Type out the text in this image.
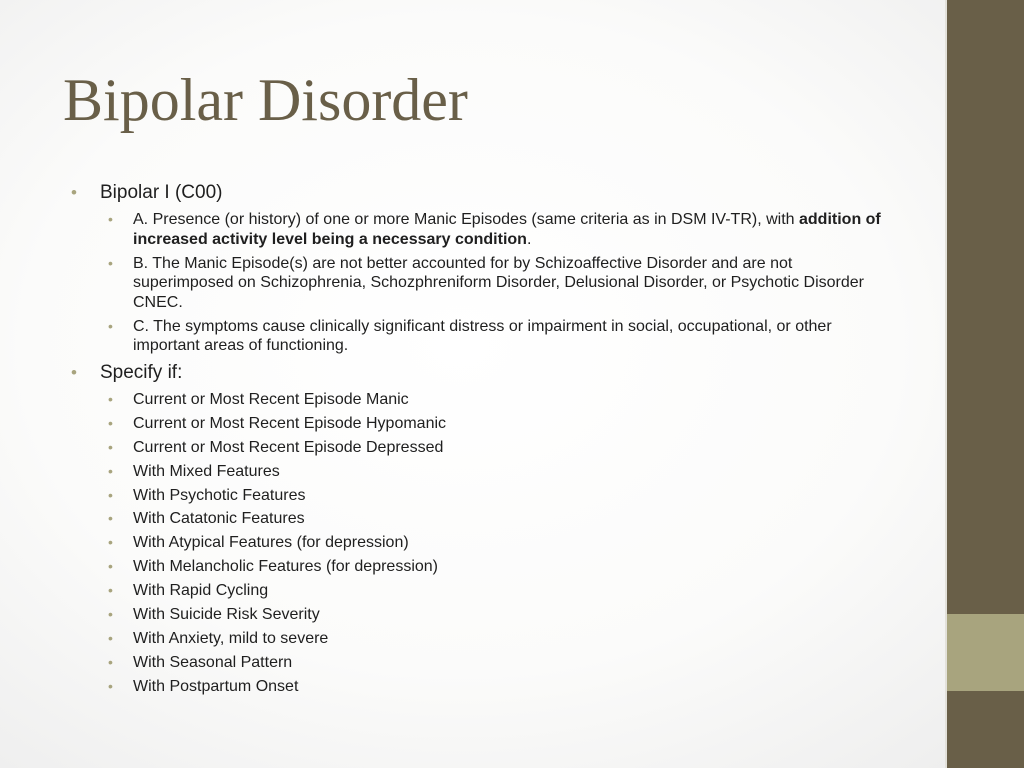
Bipolar Disorder
• Bipolar I (C00)
• A. Presence (or history) of one or more Manic Episodes (same criteria as in DSM IV-TR), with addition of increased activity level being a necessary condition.
• B. The Manic Episode(s) are not better accounted for by Schizoaffective Disorder and are not superimposed on Schizophrenia, Schozphreniform Disorder, Delusional Disorder, or Psychotic Disorder CNEC.
• C. The symptoms cause clinically significant distress or impairment in social, occupational, or other important areas of functioning.
• Specify if:
• Current or Most Recent Episode Manic
• Current or Most Recent Episode Hypomanic
• Current or Most Recent Episode Depressed
• With Mixed Features
• With Psychotic Features
• With Catatonic Features
• With Atypical Features (for depression)
• With Melancholic Features (for depression)
• With Rapid Cycling
• With Suicide Risk Severity
• With Anxiety, mild to severe
• With Seasonal Pattern
• With Postpartum Onset
